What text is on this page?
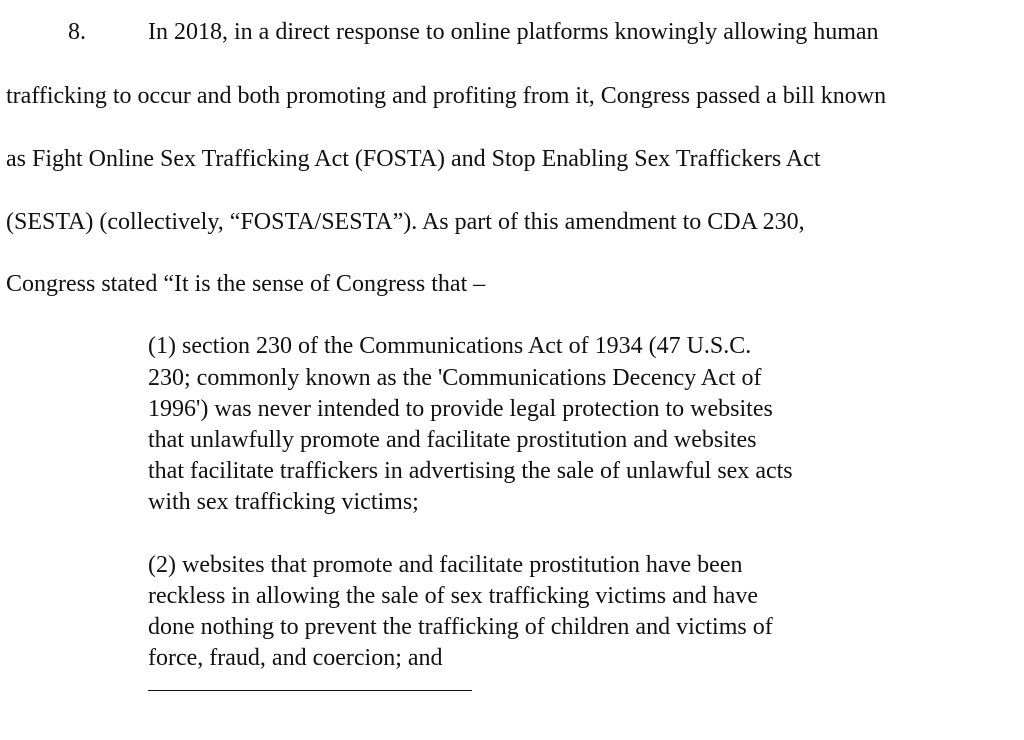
8.	In 2018, in a direct response to online platforms knowingly allowing human
trafficking to occur and both promoting and profiting from it, Congress passed a bill known
as Fight Online Sex Trafficking Act (FOSTA) and Stop Enabling Sex Traffickers Act
(SESTA) (collectively, “FOSTA/SESTA”). As part of this amendment to CDA 230,
Congress stated “It is the sense of Congress that –
(1) section 230 of the Communications Act of 1934 (47 U.S.C.
230; commonly known as the 'Communications Decency Act of
1996') was never intended to provide legal protection to websites
that unlawfully promote and facilitate prostitution and websites
that facilitate traffickers in advertising the sale of unlawful sex acts
with sex trafficking victims;
(2) websites that promote and facilitate prostitution have been
reckless in allowing the sale of sex trafficking victims and have
done nothing to prevent the trafficking of children and victims of
force, fraud, and coercion; and
